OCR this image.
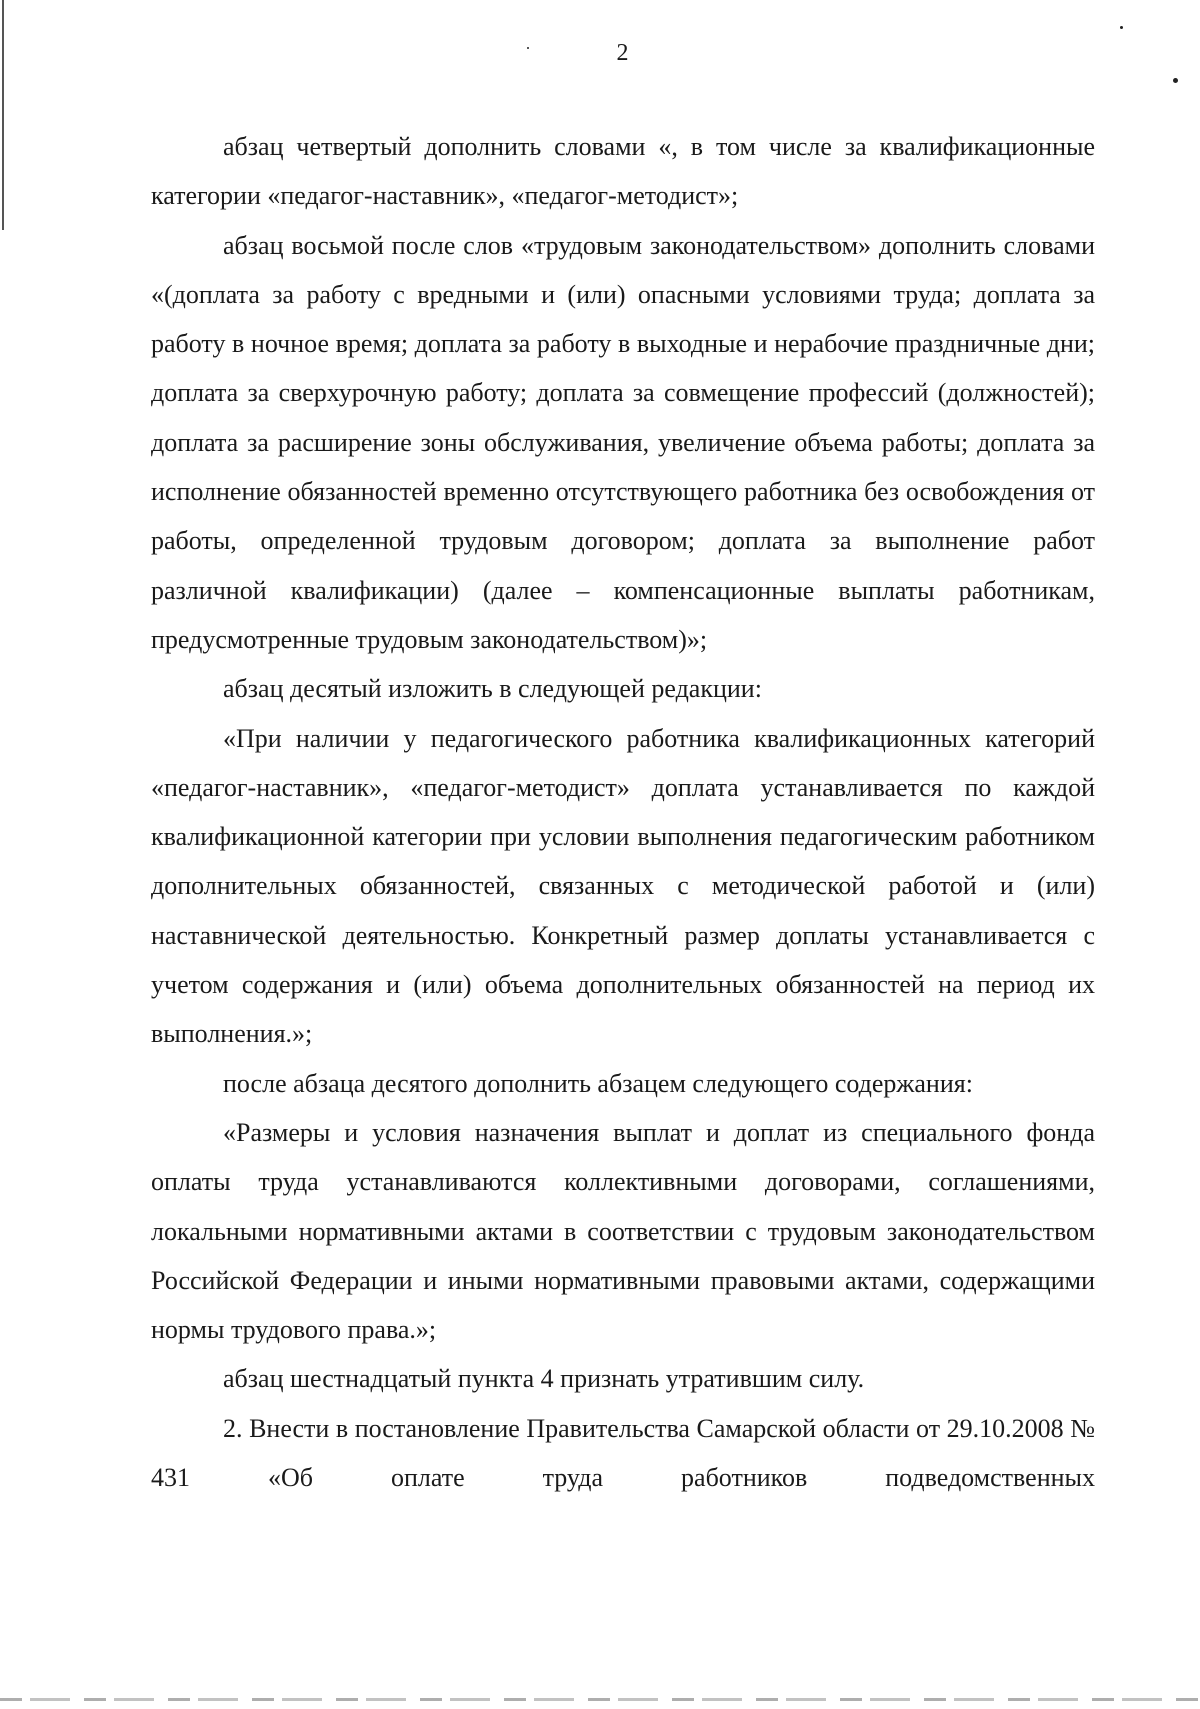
2

абзац четвертый дополнить словами «, в том числе за квалификационные категории «педагог-наставник», «педагог-методист»;

абзац восьмой после слов «трудовым законодательством» дополнить словами «(доплата за работу с вредными и (или) опасными условиями труда; доплата за работу в ночное время; доплата за работу в выходные и нерабочие праздничные дни; доплата за сверхурочную работу; доплата за совмещение профессий (должностей); доплата за расширение зоны обслуживания, увеличение объема работы; доплата за исполнение обязанностей временно отсутствующего работника без освобождения от работы, определенной трудовым договором; доплата за выполнение работ различной квалификации) (далее – компенсационные выплаты работникам, предусмотренные трудовым законодательством)»;

абзац десятый изложить в следующей редакции:

«При наличии у педагогического работника квалификационных категорий «педагог-наставник», «педагог-методист» доплата устанавливается по каждой квалификационной категории при условии выполнения педагогическим работником дополнительных обязанностей, связанных с методической работой и (или) наставнической деятельностью. Конкретный размер доплаты устанавливается с учетом содержания и (или) объема дополнительных обязанностей на период их выполнения.»;

после абзаца десятого дополнить абзацем следующего содержания:

«Размеры и условия назначения выплат и доплат из специального фонда оплаты труда устанавливаются коллективными договорами, соглашениями, локальными нормативными актами в соответствии с трудовым законодательством Российской Федерации и иными нормативными правовыми актами, содержащими нормы трудового права.»;

абзац шестнадцатый пункта 4 признать утратившим силу.

2. Внести в постановление Правительства Самарской области от 29.10.2008 № 431 «Об оплате труда работников подведомственных
